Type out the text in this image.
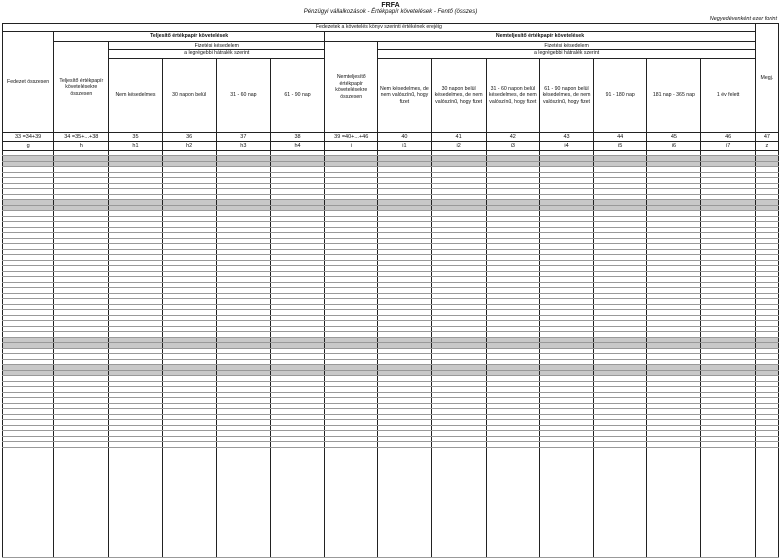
FRFA
Pénzügyi vállalkozások - Értékpapír követelések - Fentő (összes)
Negyedévenként ezer forint
Fedezetek a követelés könyv szerinti értékének erejéig														Megj.
Fedezet összesen	Teljesítő értékpapír követelések					Nemteljesítő értékpapír követelések								
	Teljesítő értékpapír követelésekre összesen	Fizetési késedelem
a legrégebbi hátralék szerint				Nemteljesítő értékpapír követelésekre összesen	Fizetési késedelem
a legrégebbi hátralék szerint							

		Nem késedelmes	30 napon belül	31 - 60 nap	61 - 90 nap		Nem késedelmes, de nem valószínű, hogy fizet	30 napon belül késedelmes, de nem valószínű, hogy fizet	31 - 60 napon belül késedelmes, de nem valószínű, hogy fizet	61 - 90 napon belül késedelmes, de nem valószínű, hogy fizet	91 - 180 nap	181 nap - 365 nap	1 év felett	
33 =34+39	34 =35+...+38	35	36	37	38	39 =40+...+46	40	41	42	43	44	45	46	47
g	h	h1	h2	h3	h4	i	i1	i2	i3	i4	i5	i6	i7	z
